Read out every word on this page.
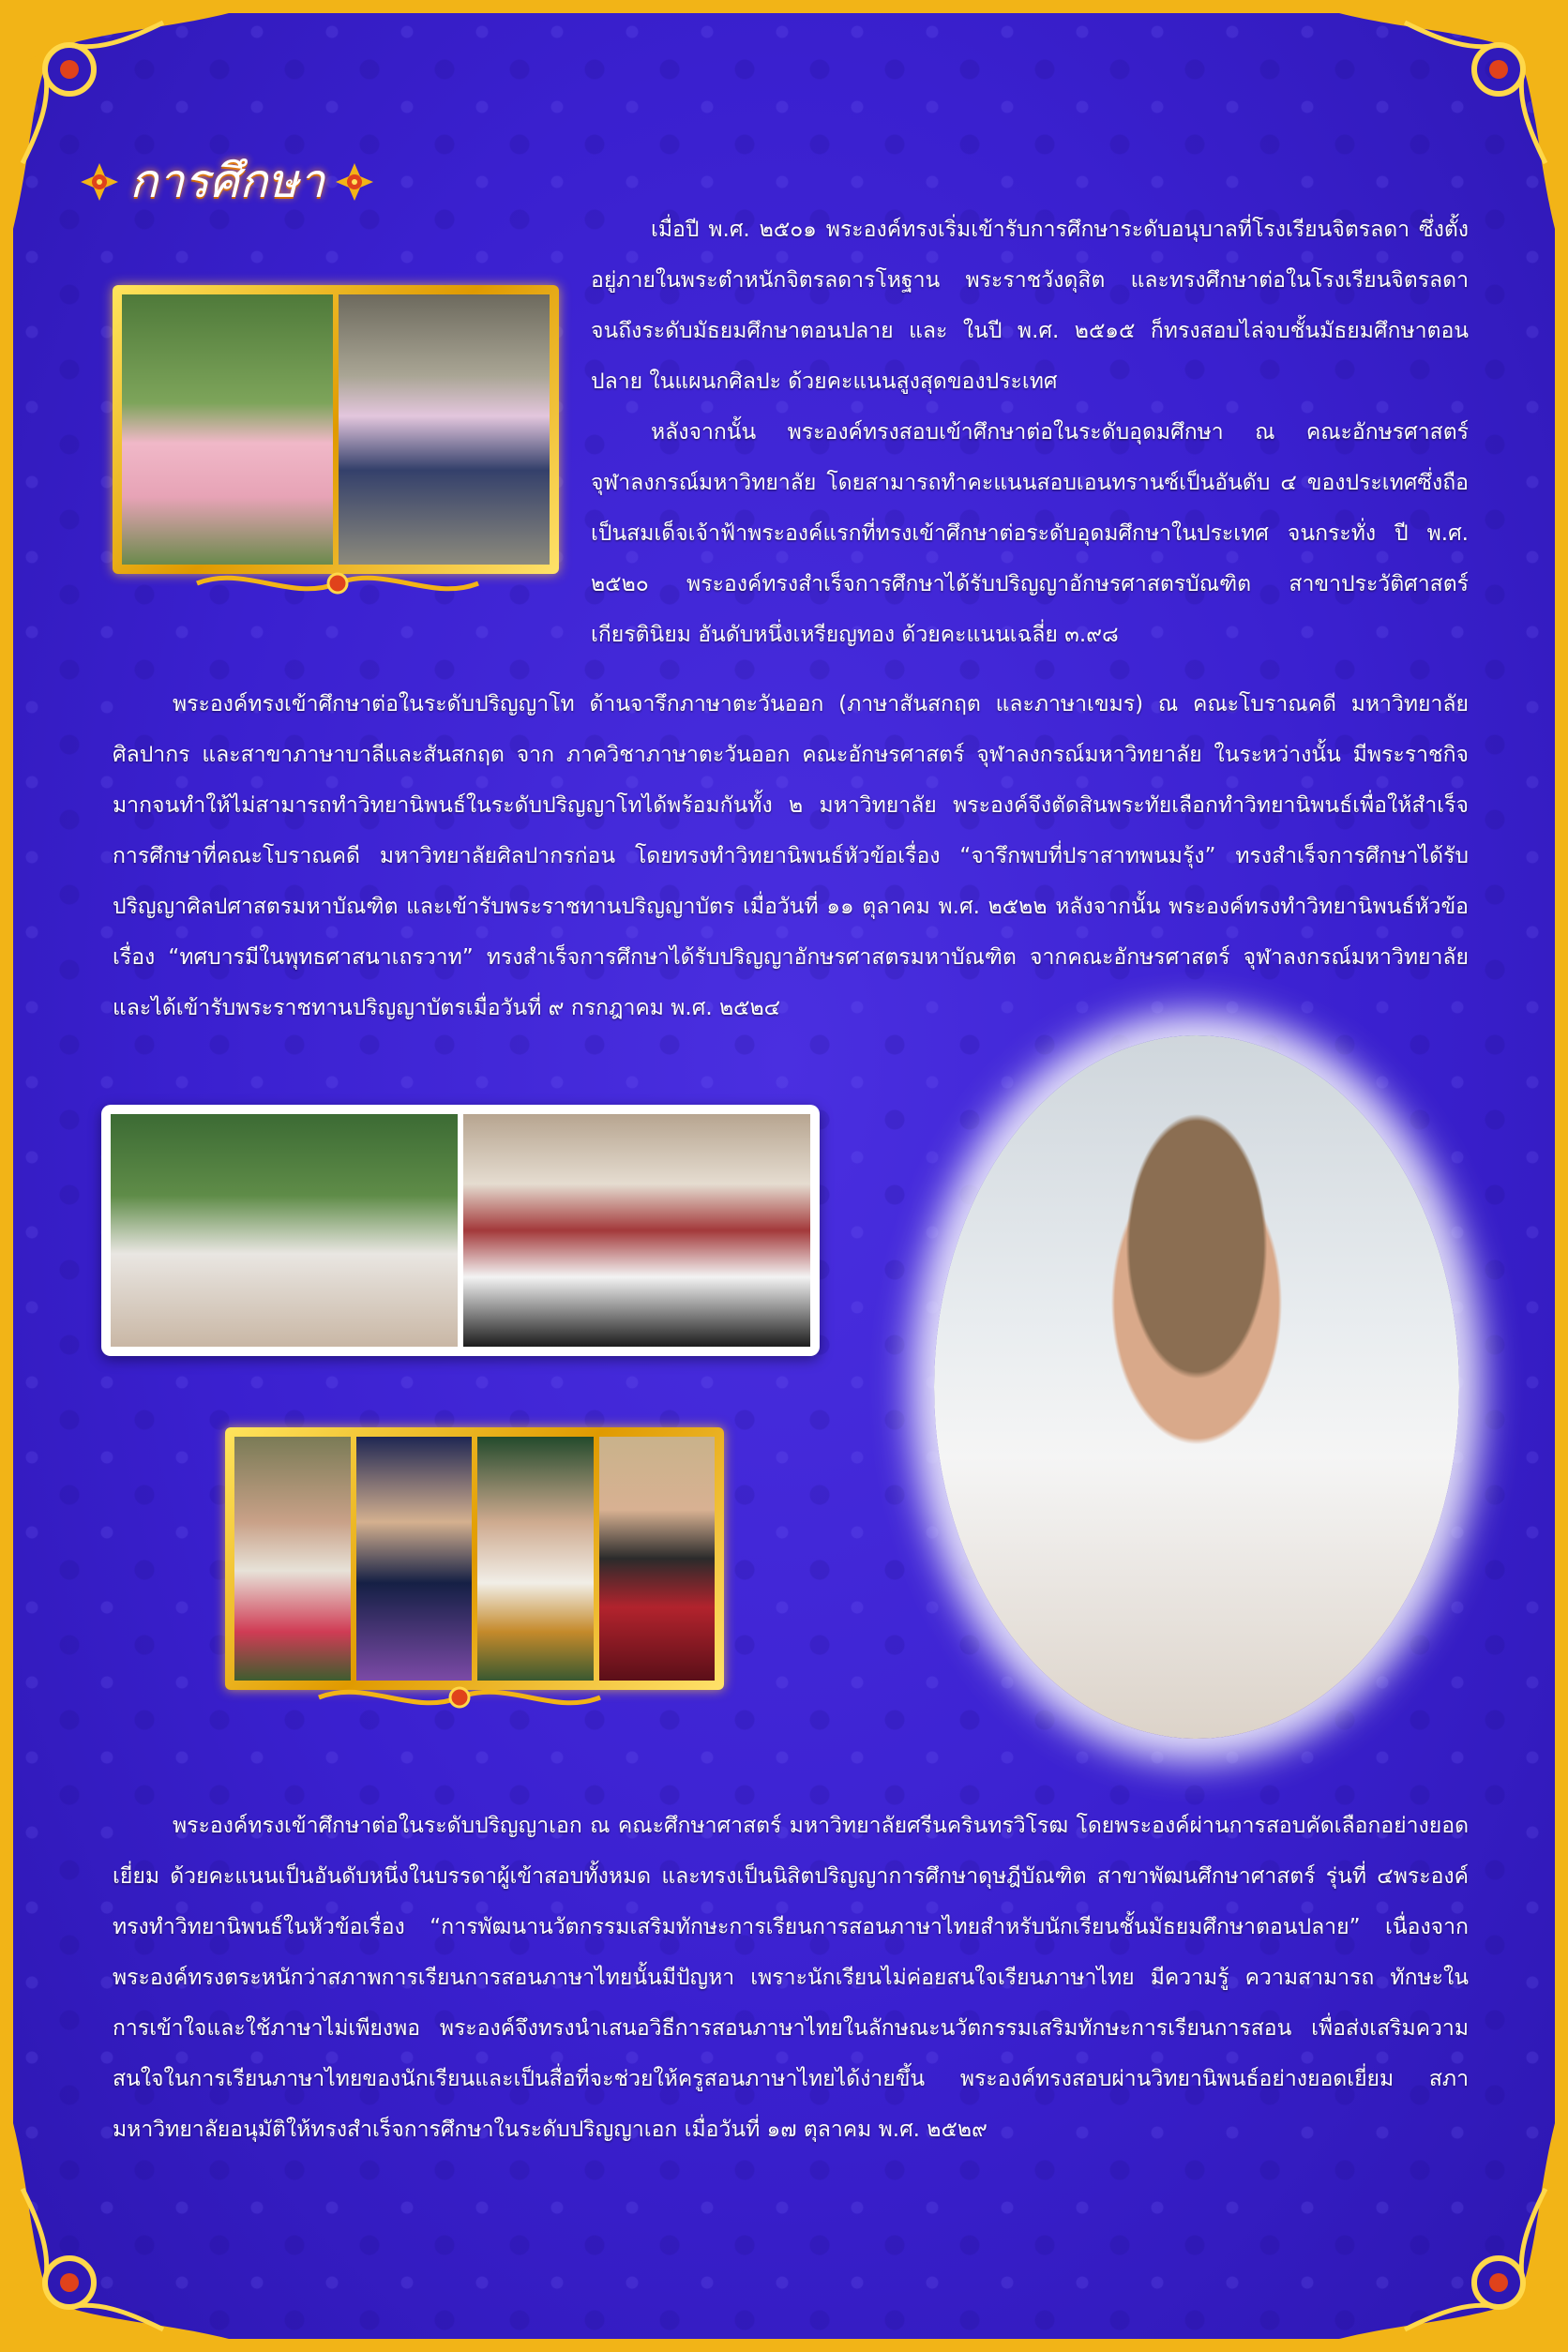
การศึกษา

เมื่อปี พ.ศ. ๒๕๐๑ พระองค์ทรงเริ่มเข้ารับการศึกษาระดับอนุบาลที่โรงเรียนจิตรลดา ซึ่งตั้งอยู่ภายในพระตำหนักจิตรลดารโหฐาน พระราชวังดุสิต และทรงศึกษาต่อในโรงเรียนจิตรลดาจนถึงระดับมัธยมศึกษาตอนปลาย และ ในปี พ.ศ. ๒๕๑๕ ก็ทรงสอบไล่จบชั้นมัธยมศึกษาตอนปลาย ในแผนกศิลปะ ด้วยคะแนนสูงสุดของประเทศ

หลังจากนั้น พระองค์ทรงสอบเข้าศึกษาต่อในระดับอุดมศึกษา ณ คณะอักษรศาสตร์ จุฬาลงกรณ์มหาวิทยาลัย โดยสามารถทำคะแนนสอบเอนทรานซ์เป็นอันดับ ๔ ของประเทศซึ่งถือเป็นสมเด็จเจ้าฟ้าพระองค์แรกที่ทรงเข้าศึกษาต่อระดับอุดมศึกษาในประเทศ จนกระทั่ง ปี พ.ศ. ๒๕๒๐ พระองค์ทรงสำเร็จการศึกษาได้รับปริญญาอักษรศาสตรบัณฑิต สาขาประวัติศาสตร์ เกียรตินิยม อันดับหนึ่งเหรียญทอง ด้วยคะแนนเฉลี่ย ๓.๙๘

พระองค์ทรงเข้าศึกษาต่อในระดับปริญญาโท ด้านจารึกภาษาตะวันออก (ภาษาสันสกฤต และภาษาเขมร) ณ คณะโบราณคดี มหาวิทยาลัยศิลปากร และสาขาภาษาบาลีและสันสกฤต จาก ภาควิชาภาษาตะวันออก คณะอักษรศาสตร์ จุฬาลงกรณ์มหาวิทยาลัย ในระหว่างนั้น มีพระราชกิจมากจนทำให้ไม่สามารถทำวิทยานิพนธ์ในระดับปริญญาโทได้พร้อมกันทั้ง ๒ มหาวิทยาลัย พระองค์จึงตัดสินพระทัยเลือกทำวิทยานิพนธ์เพื่อให้สำเร็จการศึกษาที่คณะโบราณคดี มหาวิทยาลัยศิลปากรก่อน โดยทรงทำวิทยานิพนธ์หัวข้อเรื่อง “จารึกพบที่ปราสาทพนมรุ้ง” ทรงสำเร็จการศึกษาได้รับปริญญาศิลปศาสตรมหาบัณฑิต และเข้ารับพระราชทานปริญญาบัตร เมื่อวันที่ ๑๑ ตุลาคม พ.ศ. ๒๕๒๒ หลังจากนั้น พระองค์ทรงทำวิทยานิพนธ์หัวข้อเรื่อง “ทศบารมีในพุทธศาสนาเถรวาท” ทรงสำเร็จการศึกษาได้รับปริญญาอักษรศาสตรมหาบัณฑิต จากคณะอักษรศาสตร์ จุฬาลงกรณ์มหาวิทยาลัย และได้เข้ารับพระราชทานปริญญาบัตรเมื่อวันที่ ๙ กรกฎาคม พ.ศ. ๒๕๒๔

พระองค์ทรงเข้าศึกษาต่อในระดับปริญญาเอก ณ คณะศึกษาศาสตร์ มหาวิทยาลัยศรีนครินทรวิโรฒ โดยพระองค์ผ่านการสอบคัดเลือกอย่างยอดเยี่ยม ด้วยคะแนนเป็นอันดับหนึ่งในบรรดาผู้เข้าสอบทั้งหมด และทรงเป็นนิสิตปริญญาการศึกษาดุษฎีบัณฑิต สาขาพัฒนศึกษาศาสตร์ รุ่นที่ ๔พระองค์ทรงทำวิทยานิพนธ์ในหัวข้อเรื่อง “การพัฒนานวัตกรรมเสริมทักษะการเรียนการสอนภาษาไทยสำหรับนักเรียนชั้นมัธยมศึกษาตอนปลาย” เนื่องจากพระองค์ทรงตระหนักว่าสภาพการเรียนการสอนภาษาไทยนั้นมีปัญหา เพราะนักเรียนไม่ค่อยสนใจเรียนภาษาไทย มีความรู้ ความสามารถ ทักษะในการเข้าใจและใช้ภาษาไม่เพียงพอ พระองค์จึงทรงนำเสนอวิธีการสอนภาษาไทยในลักษณะนวัตกรรมเสริมทักษะการเรียนการสอน เพื่อส่งเสริมความสนใจในการเรียนภาษาไทยของนักเรียนและเป็นสื่อที่จะช่วยให้ครูสอนภาษาไทยได้ง่ายขึ้น พระองค์ทรงสอบผ่านวิทยานิพนธ์อย่างยอดเยี่ยม สภามหาวิทยาลัยอนุมัติให้ทรงสำเร็จการศึกษาในระดับปริญญาเอก เมื่อวันที่ ๑๗ ตุลาคม พ.ศ. ๒๕๒๙
